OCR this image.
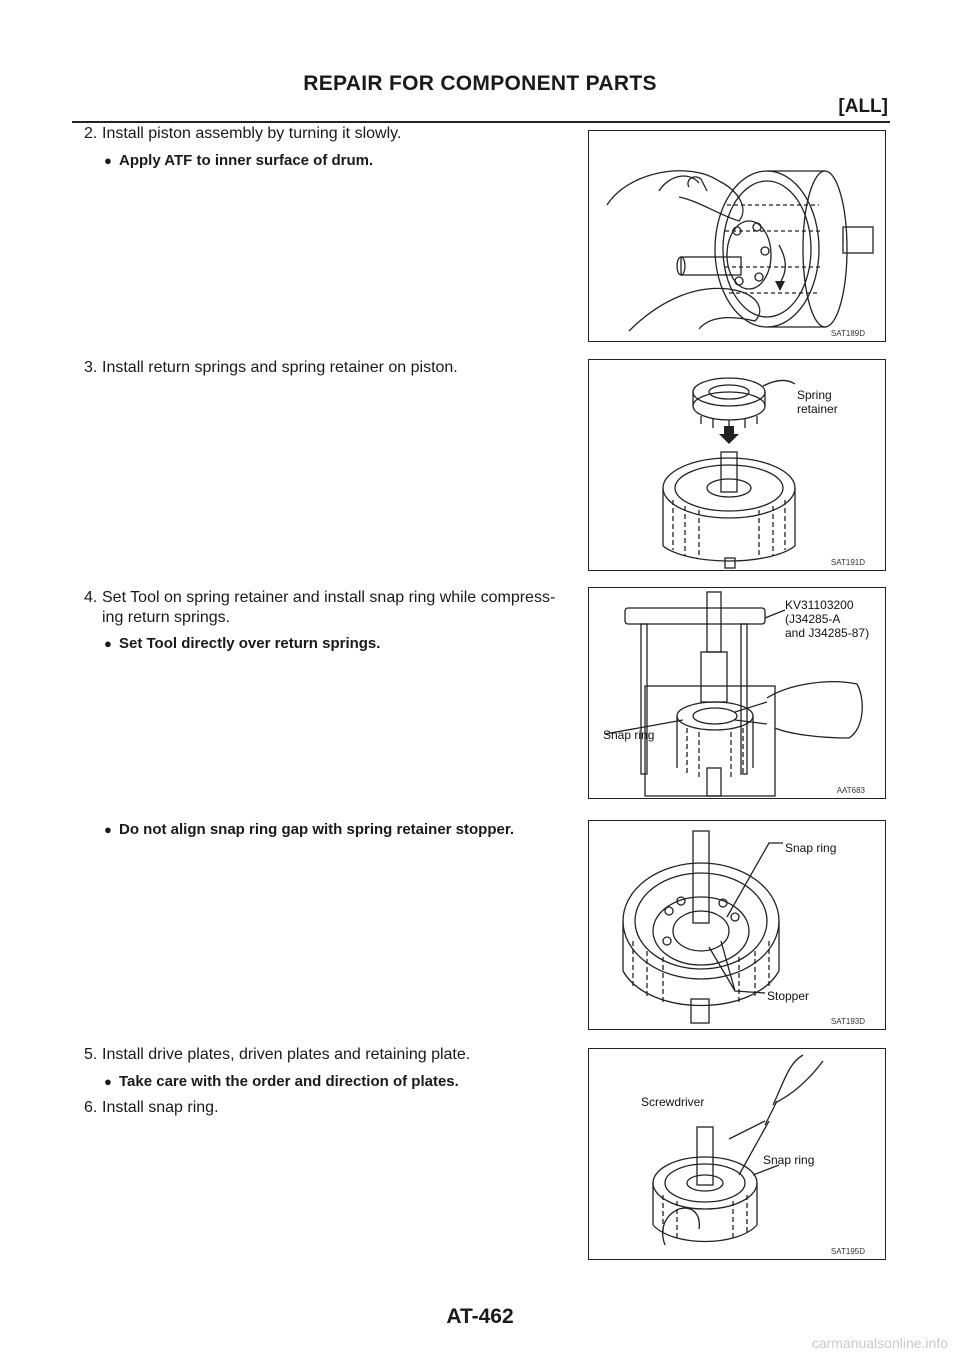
REPAIR FOR COMPONENT PARTS
[ALL]
2. Install piston assembly by turning it slowly.
● Apply ATF to inner surface of drum.
3. Install return springs and spring retainer on piston.
4. Set Tool on spring retainer and install snap ring while compress-
ing return springs.
● Set Tool directly over return springs.
● Do not align snap ring gap with spring retainer stopper.
5. Install drive plates, driven plates and retaining plate.
● Take care with the order and direction of plates.
6. Install snap ring.
SAT189D
Spring
retainer
SAT191D
KV31103200
(J34285-A
and J34285-87)
Snap ring
AAT683
Snap ring
Stopper
SAT193D
Screwdriver
Snap ring
SAT195D
AT-462
carmanualsonline.info
